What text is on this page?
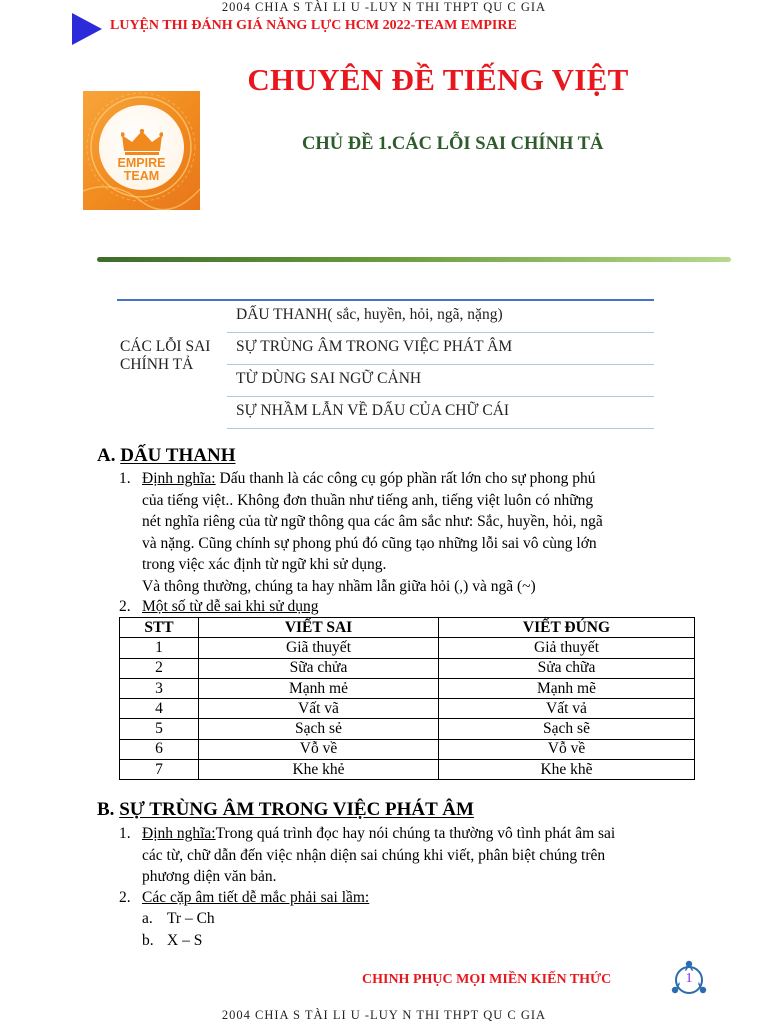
2004 CHIA S TÀI LI U -LUY N THI THPT QU C GIA
LUYỆN THI ĐÁNH GIÁ NĂNG LỰC HCM 2022-TEAM EMPIRE
CHUYÊN ĐỀ TIẾNG VIỆT
EMPIRE
TEAM
CHỦ ĐỀ 1.CÁC LỖI SAI CHÍNH TẢ
CÁC LỖI SAI CHÍNH TẢ
DẤU THANH( sắc, huyền, hỏi, ngã, nặng)
SỰ TRÙNG ÂM TRONG VIỆC PHÁT ÂM
TỪ DÙNG SAI NGỮ CẢNH
SỰ NHẦM LẪN VỀ DẤU CỦA CHỮ CÁI
A. DẤU THANH
1. Định nghĩa: Dấu thanh là các công cụ góp phần rất lớn cho sự phong phú
của tiếng việt.. Không đơn thuần như tiếng anh, tiếng việt luôn có những
nét nghĩa riêng của từ ngữ thông qua các âm sắc như: Sắc, huyền, hỏi, ngã
và nặng. Cũng chính sự phong phú đó cũng tạo những lỗi sai vô cùng lớn
trong việc xác định từ ngữ khi sử dụng.
Và thông thường, chúng ta hay nhầm lẫn giữa hỏi (,) và ngã (~)
2. Một số từ dễ sai khi sử dụng
STT	VIẾT SAI	VIẾT ĐÚNG
1	Giã thuyết	Giả thuyết
2	Sữa chửa	Sửa chữa
3	Mạnh mẻ	Mạnh mẽ
4	Vất vã	Vất vả
5	Sạch sẻ	Sạch sẽ
6	Vỗ về	Vỗ về
7	Khe khẻ	Khe khẽ
B. SỰ TRÙNG ÂM TRONG VIỆC PHÁT ÂM
1. Định nghĩa:Trong quá trình đọc hay nói chúng ta thường vô tình phát âm sai
các từ, chữ dẫn đến việc nhận diện sai chúng khi viết, phân biệt chúng trên
phương diện văn bản.
2. Các cặp âm tiết dễ mắc phải sai lầm:
a. Tr – Ch
b. X – S
CHINH PHỤC MỌI MIỀN KIẾN THỨC	1
2004 CHIA S TÀI LI U -LUY N THI THPT QU C GIA
